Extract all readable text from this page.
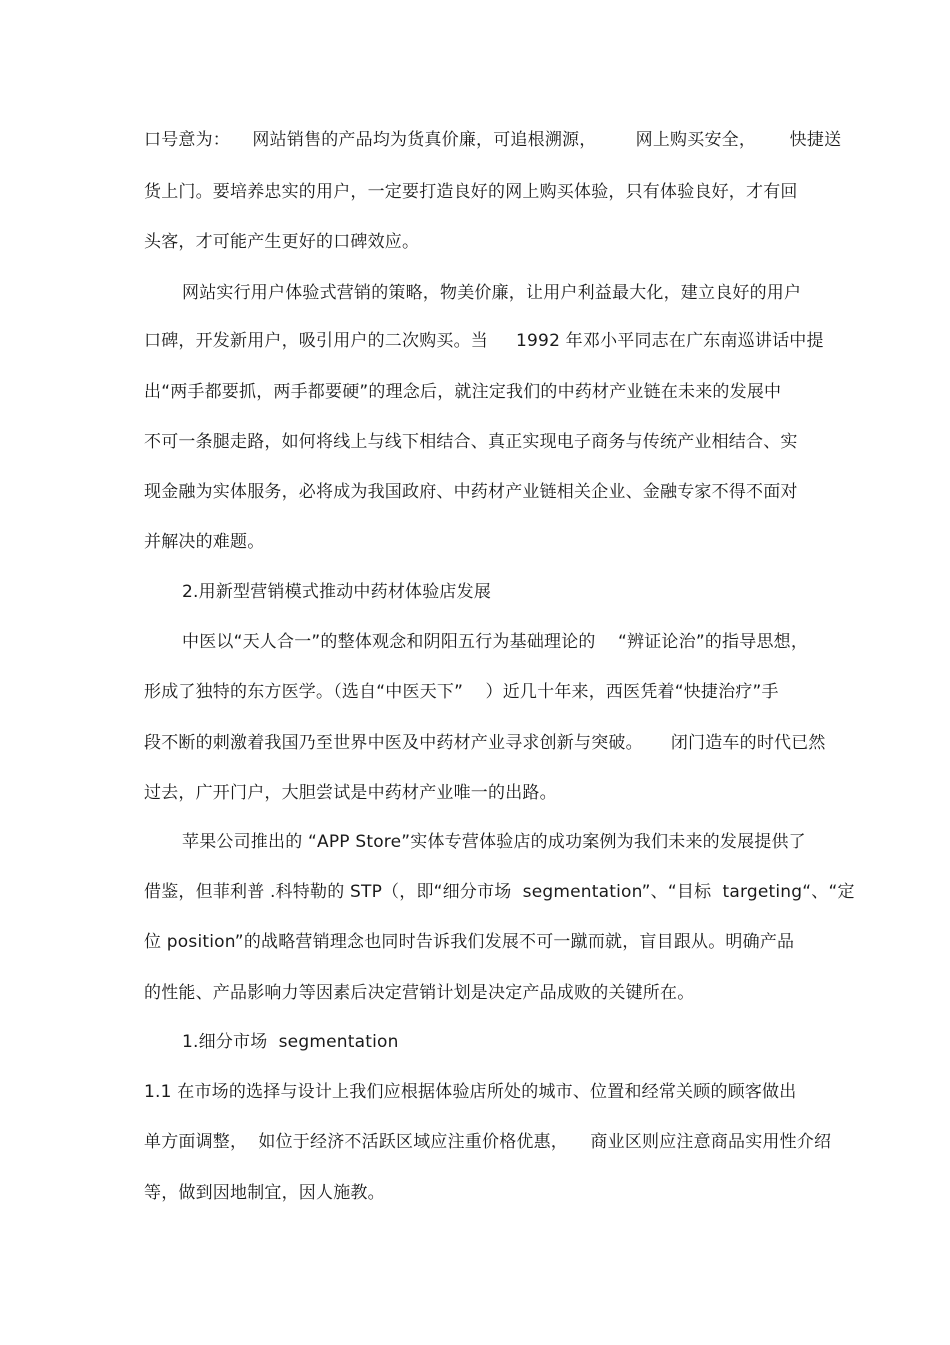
口号意为：    网站销售的产品均为货真价廉，可追根溯源，       网上购买安全，      快捷送
货上门。要培养忠实的用户，一定要打造良好的网上购买体验，只有体验良好，才有回
头客，才可能产生更好的口碑效应。
网站实行用户体验式营销的策略，物美价廉，让用户利益最大化，建立良好的用户
口碑，开发新用户，吸引用户的二次购买。当     1992 年邓小平同志在广东南巡讲话中提
出“两手都要抓，两手都要硬”的理念后，就注定我们的中药材产业链在未来的发展中
不可一条腿走路，如何将线上与线下相结合、真正实现电子商务与传统产业相结合、实
现金融为实体服务，必将成为我国政府、中药材产业链相关企业、金融专家不得不面对
并解决的难题。
2.用新型营销模式推动中药材体验店发展
中医以“天人合一”的整体观念和阴阳五行为基础理论的    “辨证论治”的指导思想，
形成了独特的东方医学。（选自“中医天下”    ）近几十年来，西医凭着“快捷治疗”手
段不断的刺激着我国乃至世界中医及中药材产业寻求创新与突破。     闭门造车的时代已然
过去，广开门户，大胆尝试是中药材产业唯一的出路。
苹果公司推出的 “APP Store”实体专营体验店的成功案例为我们未来的发展提供了
借鉴，但菲利普 .科特勒的 STP（，即“细分市场  segmentation”、“目标  targeting“、“定
位 position”的战略营销理念也同时告诉我们发展不可一蹴而就，盲目跟从。明确产品
的性能、产品影响力等因素后决定营销计划是决定产品成败的关键所在。
1.细分市场  segmentation
1.1 在市场的选择与设计上我们应根据体验店所处的城市、位置和经常关顾的顾客做出
单方面调整，  如位于经济不活跃区域应注重价格优惠，    商业区则应注意商品实用性介绍
等，做到因地制宜，因人施教。
